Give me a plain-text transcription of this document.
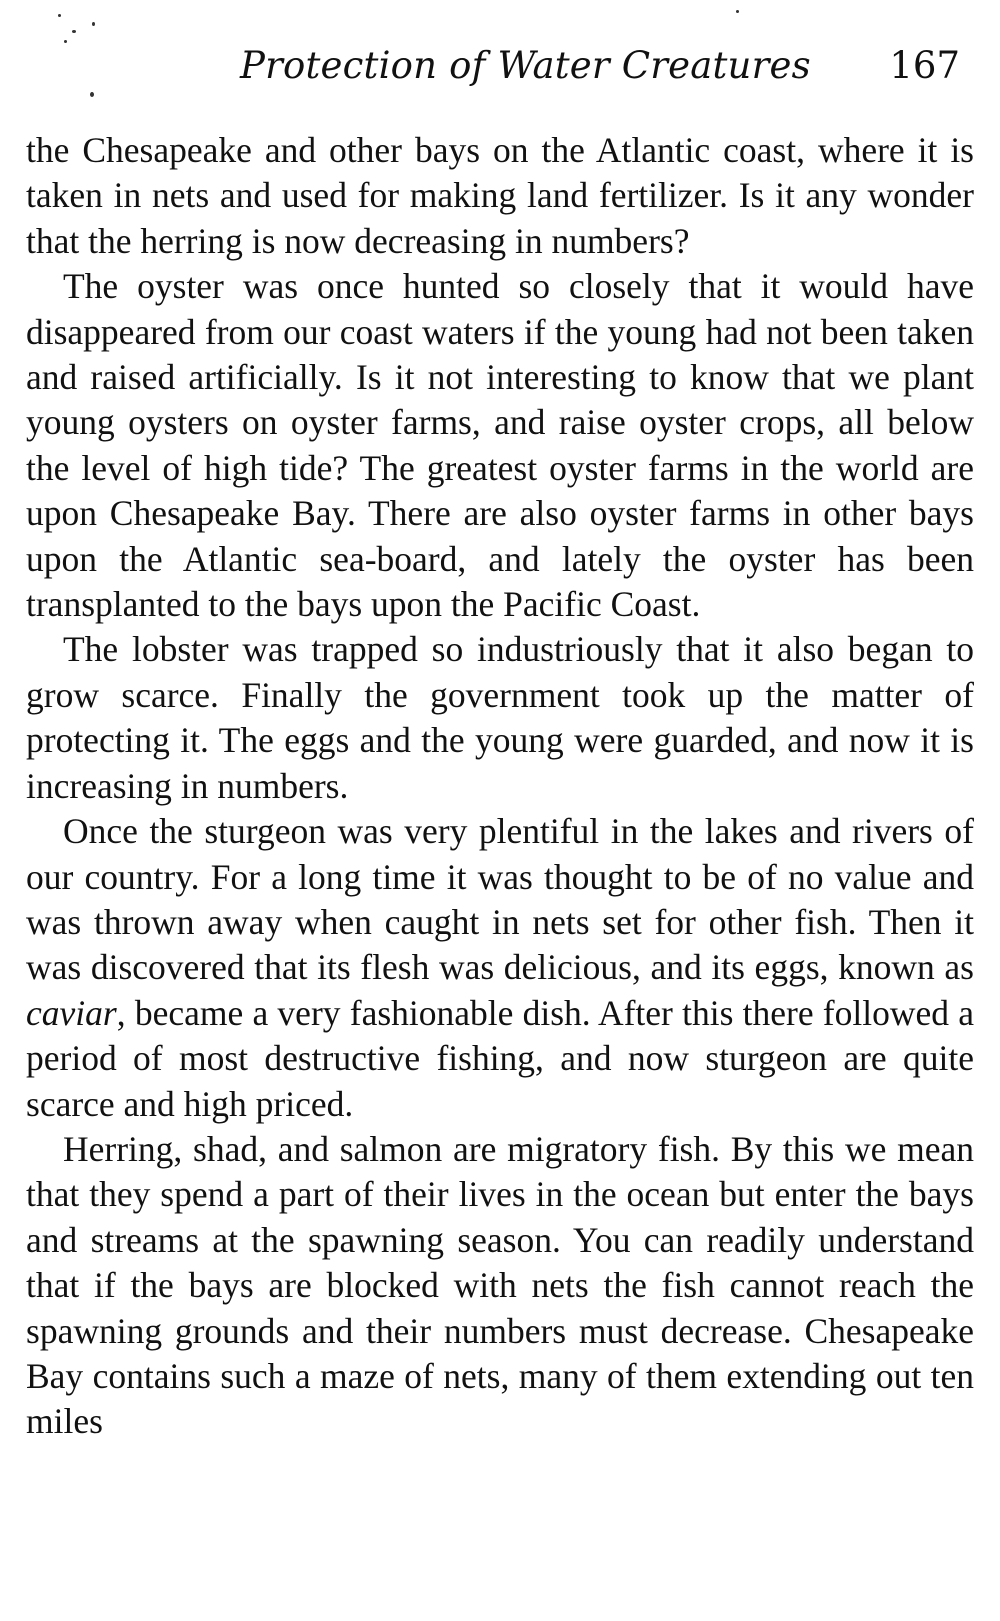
Protection of Water Creatures 167

the Chesapeake and other bays on the Atlantic coast, where it is taken in nets and used for making land fertilizer. Is it any wonder that the herring is now decreasing in numbers?

The oyster was once hunted so closely that it would have disappeared from our coast waters if the young had not been taken and raised artificially. Is it not interesting to know that we plant young oysters on oyster farms, and raise oyster crops, all below the level of high tide? The greatest oyster farms in the world are upon Chesapeake Bay. There are also oyster farms in other bays upon the Atlantic sea-board, and lately the oyster has been transplanted to the bays upon the Pacific Coast.

The lobster was trapped so industriously that it also began to grow scarce. Finally the government took up the matter of protecting it. The eggs and the young were guarded, and now it is increasing in numbers.

Once the sturgeon was very plentiful in the lakes and rivers of our country. For a long time it was thought to be of no value and was thrown away when caught in nets set for other fish. Then it was discovered that its flesh was delicious, and its eggs, known as caviar, became a very fashionable dish. After this there followed a period of most destructive fishing, and now sturgeon are quite scarce and high priced.

Herring, shad, and salmon are migratory fish. By this we mean that they spend a part of their lives in the ocean but enter the bays and streams at the spawning season. You can readily understand that if the bays are blocked with nets the fish cannot reach the spawning grounds and their numbers must decrease. Chesapeake Bay contains such a maze of nets, many of them extending out ten miles
